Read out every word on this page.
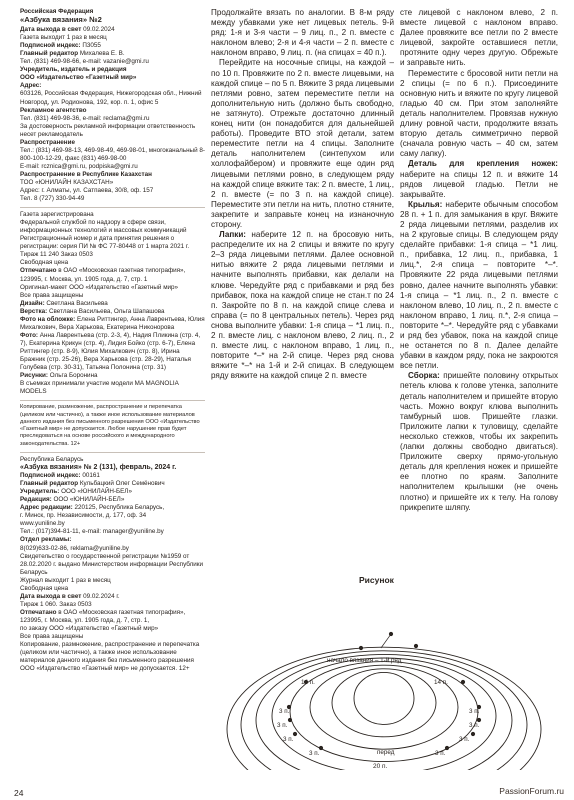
Российская Федерация
«Азбука вязания» №2
Дата выхода в свет 09.02.2024
Газета выходит 1 раз в месяц
Подписной индекс: П3055
Главный редактор Михалева Е. В.
Тел. (831) 469-98-66, e-mail: vazanie@gmi.ru
Учредитель, издатель и редакция
ООО «Издательство «Газетный мир»
Адрес:
603126, Российская Федерация, Нижегородская обл., Нижний Новгород, ул. Родионова, 192, кор. п. 1, офис 5
Рекламное агентство
Тел. (831) 469-98-36, e-mail: reclama@gmi.ru
За достоверность рекламной информации ответственность несет рекламодатель
Распространение
Тел.: (831) 469-98-13, 469-98-49, 469-98-01, многоканальный 8-800-100-12-29, факс (831) 469-98-00
E-mail: rcznica@gmi.ru, podpiska@gmi.ru
Распространение в Республике Казахстан
ТОО «ЮНИЛАЙН КАЗАХСТАН»
Адрес: г. Алматы, ул. Сатпаева, 30/8, оф. 157
Тел. 8 (727) 330-94-49
Газета зарегистрирована
Федеральной службой по надзору в сфере связи, информационных технологий и массовых коммуникаций
Регистрационный номер и дата принятия решения о регистрации: серия ПИ № ФС 77-80448 от 1 марта 2021 г.
Тираж 11 240 Заказ 0503
Свободная цена
Отпечатано в ОАО «Московская газетная типография», 123995, г. Москва, ул. 1905 года, д. 7, стр. 1
Оригинал-макет ООО «Издательство «Газетный мир»
Все права защищены
Дизайн: Светлана Васильева
Верстка: Светлана Васильева, Ольга Шапашова
Фото на обложке: Елена Риттингер, Анна Лаврентьева, Юлия Михалкович, Вера Харькова, Екатерина Никонорова
Фото: Анна Лаврентьева (стр. 2-3, 4), Надия Пликина (стр. 4, 7), Екатерина Крикун (стр. 4), Лидия Бойко (стр. 6-7), Елена Риттингер (стр. 8-9), Юлия Михалкович (стр. 8), Ирина Бражник (стр. 25-26), Вера Харькова (стр. 28-29), Наталья Голубева (стр. 30-31), Татьяна Полонина (стр. 31)
Рисунки: Ольга Боронина
В съемках принимали участие модели MA MAGNOLIA MODELS
Копирование, размножение, распространение и перепечатка (целиком или частично), а также иное использование материалов данного издания без письменного разрешения ООО «Издательство «Газетный мир» не допускается. Любое нарушение прав будет преследоваться на основе российского и международного законодательства. 12+
Республика Беларусь
«Азбука вязания» № 2 (131), февраль, 2024 г.
Подписной индекс: 00161
Главный редактор Кульбацкий Олег Семёнович
Учредитель: ООО «ЮНИЛАЙН-БЕЛ»
Редакция: ООО «ЮНИЛАЙН-БЕЛ»
Адрес редакции: 220125, Республика Беларусь,
г. Минск, пр. Независимости, д. 177, оф. 34
www.yuniline.by
Тел.: (017)394-81-11, e-mail: manager@yuniline.by
Отдел рекламы:
8(029)633-02-86, reklama@yuniline.by
Свидетельство о государственной регистрации №1959 от 28.02.2020 г. выдано Министерством информации Республики Беларусь
Журнал выходит 1 раз в месяц
Свободная цена
Дата выхода в свет 09.02.2024 г.
Тираж 1 060. Заказ 0503
Отпечатано в ОАО «Московская газетная типография», 123995, г. Москва, ул. 1905 года, д. 7, стр. 1,
по заказу ООО «Издательство «Газетный мир»
Все права защищены
Копирование, размножение, распространение и перепечатка (целиком или частично), а также иное использование материалов данного издания без письменного разрешения ООО «Издательство «Газетный мир» не допускается. 12+

Продолжайте вязать по аналогии. В 8-м ряду между убавками уже нет лицевых петель. 9-й ряд: 1-я и 3-я части – 9 лиц. п., 2 п. вместе с наклоном влево; 2-я и 4-я части – 2 п. вместе с наклоном вправо, 9 лиц. п. (на спицах = 40 п.).

Перейдите на носочные спицы, на каждой – по 10 п. Провяжите по 2 п. вместе лицевыми, на каждой спице – по 5 п. Вяжите 3 ряда лицевыми петлями ровно, затем переместите петли на дополнительную нить (должно быть свободно, не затянуто). Отрежьте достаточно длинный конец нити (он понадобится для дальнейшей работы). Проведите ВТО этой детали, затем переместите петли на 4 спицы. Заполните деталь наполнителем (синтепухом или холлофайбером) и провяжите еще один ряд лицевыми петлями ровно, в следующем ряду на каждой спице вяжите так: 2 п. вместе, 1 лиц., 2 п. вместе (= по 3 п. на каждой спице). Переместите эти петли на нить, плотно стяните, закрепите и заправьте конец на изнаночную сторону.

Лапки: наберите 12 п. на бросовую нить, распределите их на 2 спицы и вяжите по кругу 2–3 ряда лицевыми петлями. Далее основной нитью вяжите 2 ряда лицевыми петлями и начните выполнять прибавки, как делали на клюве. Чередуйте ряд с прибавками и ряд без прибавок, пока на каждой спице не стан.т по 24 п. Закройте по 8 п. на каждой спице слева и справа (= по 8 центральных петель). Через ряд снова выполните убавки: 1-я спица – *1 лиц. п., 2 п. вместе лиц. с наклоном влево, 2 лиц. п., 2 п. вместе лиц. с наклоном вправо, 1 лиц. п., повторите *–* на 2-й спице. Через ряд снова вяжите *–* на 1-й и 2-й спицах. В следующем ряду вяжите на каждой спице 2 п. вместе

сте лицевой с наклоном влево, 2 п. вместе лицевой с наклоном вправо. Далее провяжите все петли по 2 вместе лицевой, закройте оставшиеся петли, протяните одну через другую. Обрежьте и заправьте нить.

Переместите с бросовой нити петли на 2 спицы (= по 6 п.). Присоедините основную нить и вяжите по кругу лицевой гладью 40 см. При этом заполняйте деталь наполнителем. Провязав нужную длину ровной части, продолжите вязать вторую деталь симметрично первой (сначала ровную часть – 40 см, затем саму лапку).

Деталь для крепления ножек: наберите на спицы 12 п. и вяжите 14 рядов лицевой гладью. Петли не закрывайте.

Крылья: наберите обычным способом 28 п. + 1 п. для замыкания в круг. Вяжите 2 ряда лицевыми петлями, разделив их на 2 круговые спицы. В следующем ряду сделайте прибавки: 1-я спица – *1 лиц. п., прибавка, 12 лиц. п., прибавка, 1 лиц.*, 2-я спица – повторите *–*. Провяжите 22 ряда лицевыми петлями ровно, далее начните выполнять убавки: 1-я спица – *1 лиц. п., 2 п. вместе с наклоном влево, 10 лиц. п., 2 п. вместе с наклоном вправо, 1 лиц. п.*, 2-я спица – повторите *–*. Чередуйте ряд с убавками и ряд без убавок, пока на каждой спице не останется по 8 п. Далее делайте убавки в каждом ряду, пока не закроются все петли.

Сборка: пришейте половину открытых петель клюва к голове утенка, заполните деталь наполнителем и пришейте вторую часть. Можно вокруг клюва выполнить тамбурный шов. Пришейте глазки. Приложите лапки к туловищу, сделайте несколько стежков, чтобы их закрепить (лапки должны свободно двигаться). Приложите сверху прямо-угольную деталь для крепления ножек и пришейте ее плотно по краям. Заполните наполнителем крылышки (не очень плотно) и пришейте их к телу. На голову прикрепите шляпу.

Рисунок
начало вязания – 1-й ряд
14 п.	14 п.
3 п.
3 п.
3 п.
3 п.
3 п.
3 п.
3 п.
3 п.
перед
20 п.
24	PassionForum.ru
